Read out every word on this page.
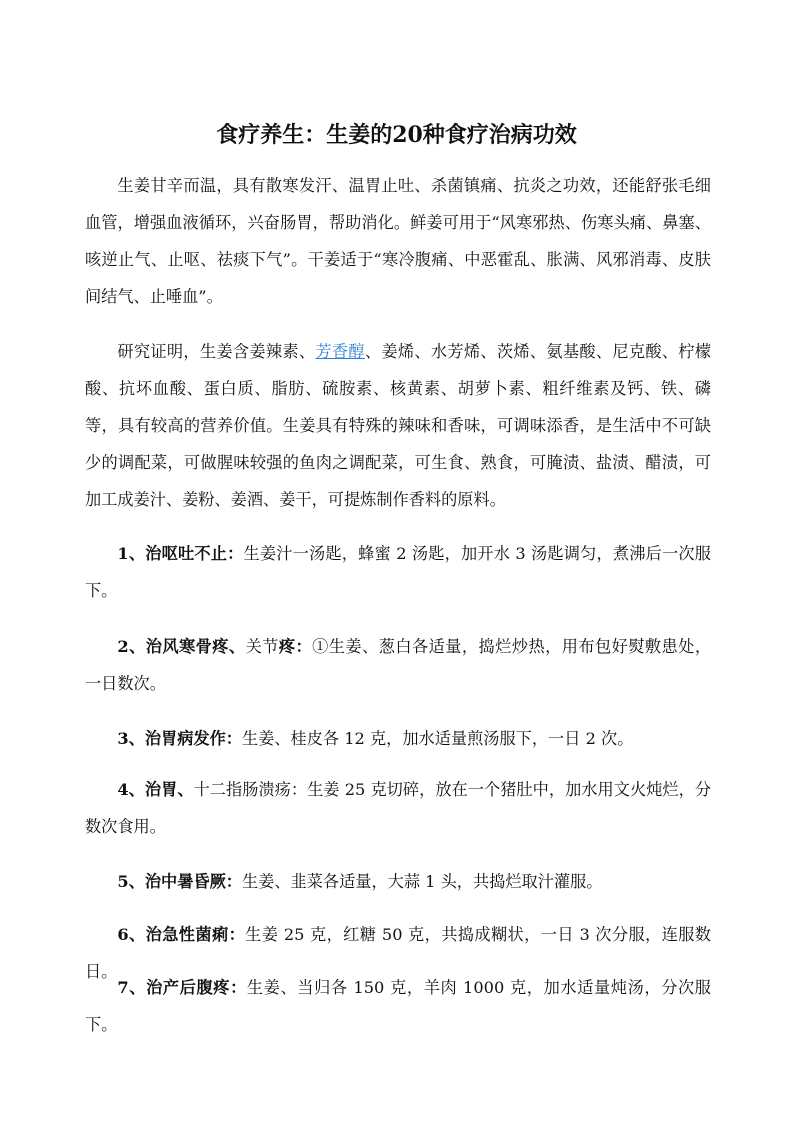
食疗养生：生姜的20种食疗治病功效

生姜甘辛而温，具有散寒发汗、温胃止吐、杀菌镇痛、抗炎之功效，还能舒张毛细血管，增强血液循环，兴奋肠胃，帮助消化。鲜姜可用于“风寒邪热、伤寒头痛、鼻塞、咳逆止气、止呕、祛痰下气”。干姜适于“寒冷腹痛、中恶霍乱、胀满、风邪消毒、皮肤间结气、止唾血”。

研究证明，生姜含姜辣素、芳香醇、姜烯、水芳烯、茨烯、氨基酸、尼克酸、柠檬酸、抗坏血酸、蛋白质、脂肪、硫胺素、核黄素、胡萝卜素、粗纤维素及钙、铁、磷等，具有较高的营养价值。生姜具有特殊的辣味和香味，可调味添香，是生活中不可缺少的调配菜，可做腥味较强的鱼肉之调配菜，可生食、熟食，可腌渍、盐渍、醋渍，可加工成姜汁、姜粉、姜酒、姜干，可提炼制作香料的原料。

1、治呕吐不止：生姜汁一汤匙，蜂蜜 2 汤匙，加开水 3 汤匙调匀，煮沸后一次服下。

2、治风寒骨疼、关节疼：①生姜、葱白各适量，捣烂炒热，用布包好熨敷患处，一日数次。

3、治胃病发作：生姜、桂皮各 12 克，加水适量煎汤服下，一日 2 次。

4、治胃、十二指肠溃疡：生姜 25 克切碎，放在一个猪肚中，加水用文火炖烂，分数次食用。

5、治中暑昏厥：生姜、韭菜各适量，大蒜 1 头，共捣烂取汁灌服。

6、治急性菌痢：生姜 25 克，红糖 50 克，共捣成糊状，一日 3 次分服，连服数日。

7、治产后腹疼：生姜、当归各 150 克，羊肉 1000 克，加水适量炖汤，分次服下。
